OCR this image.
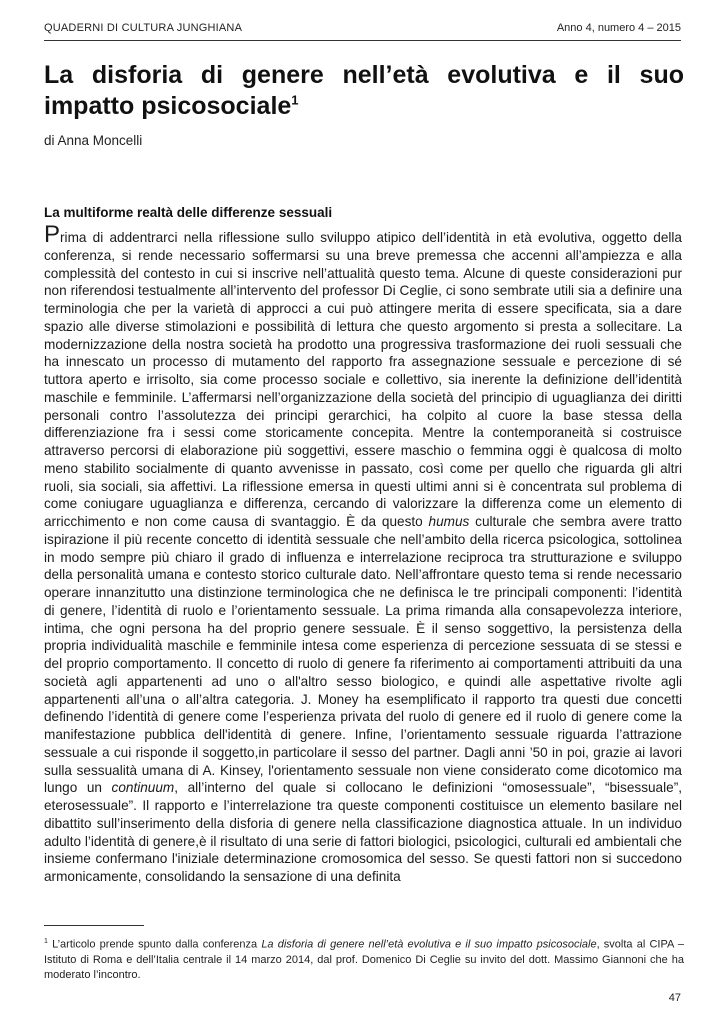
QUADERNI DI CULTURA JUNGHIANA	Anno 4, numero 4 – 2015
La disforia di genere nell’età evolutiva e il suo impatto psicosociale$^1$
di Anna Moncelli
La multiforme realtà delle differenze sessuali

Prima di addentrarci nella riflessione sullo sviluppo atipico dell’identità in età evolutiva, oggetto della conferenza, si rende necessario soffermarsi su una breve premessa che accenni all’ampiezza e alla complessità del contesto in cui si inscrive nell’attualità questo tema. Alcune di queste considerazioni pur non riferendosi testualmente all’intervento del professor Di Ceglie, ci sono sembrate utili sia a definire una terminologia che per la varietà di approcci a cui può attingere merita di essere specificata, sia a dare spazio alle diverse stimolazioni e possibilità di lettura che questo argomento si presta a sollecitare. La modernizzazione della nostra società ha prodotto una progressiva trasformazione dei ruoli sessuali che ha innescato un processo di mutamento del rapporto fra assegnazione sessuale e percezione di sé tuttora aperto e irrisolto, sia come processo sociale e collettivo, sia inerente la definizione dell’identità maschile e femminile. L’affermarsi nell’organizzazione della società del principio di uguaglianza dei diritti personali contro l’assolutezza dei principi gerarchici, ha colpito al cuore la base stessa della differenziazione fra i sessi come storicamente concepita. Mentre la contemporaneità si costruisce attraverso percorsi di elaborazione più soggettivi, essere maschio o femmina oggi è qualcosa di molto meno stabilito socialmente di quanto avvenisse in passato, così come per quello che riguarda gli altri ruoli, sia sociali, sia affettivi. La riflessione emersa in questi ultimi anni si è concentrata sul problema di come coniugare uguaglianza e differenza, cercando di valorizzare la differenza come un elemento di arricchimento e non come causa di svantaggio. È da questo humus culturale che sembra avere tratto ispirazione il più recente concetto di identità sessuale che nell’ambito della ricerca psicologica, sottolinea in modo sempre più chiaro il grado di influenza e interrelazione reciproca tra strutturazione e sviluppo della personalità umana e contesto storico culturale dato. Nell’affrontare questo tema si rende necessario operare innanzitutto una distinzione terminologica che ne definisca le tre principali componenti: l’identità di genere, l’identità di ruolo e l’orientamento sessuale. La prima rimanda alla consapevolezza interiore, intima, che ogni persona ha del proprio genere sessuale. È il senso soggettivo, la persistenza della propria individualità maschile e femminile intesa come esperienza di percezione sessuata di se stessi e del proprio comportamento. Il concetto di ruolo di genere fa riferimento ai comportamenti attribuiti da una società agli appartenenti ad uno o all'altro sesso biologico, e quindi alle aspettative rivolte agli appartenenti all’una o all’altra categoria. J. Money ha esemplificato il rapporto tra questi due concetti definendo l’identità di genere come l’esperienza privata del ruolo di genere ed il ruolo di genere come la manifestazione pubblica dell'identità di genere. Infine, l’orientamento sessuale riguarda l’attrazione sessuale a cui risponde il soggetto,in particolare il sesso del partner. Dagli anni ’50 in poi, grazie ai lavori sulla sessualità umana di A. Kinsey, l'orientamento sessuale non viene considerato come dicotomico ma lungo un continuum, all’interno del quale si collocano le definizioni “omosessuale”, “bisessuale”, eterosessuale”. Il rapporto e l’interrelazione tra queste componenti costituisce un elemento basilare nel dibattito sull’inserimento della disforia di genere nella classificazione diagnostica attuale. In un individuo adulto l’identità di genere,è il risultato di una serie di fattori biologici, psicologici, culturali ed ambientali che insieme confermano l'iniziale determinazione cromosomica del sesso. Se questi fattori non si succedono armonicamente, consolidando la sensazione di una definita

$^1$ L’articolo prende spunto dalla conferenza La disforia di genere nell’età evolutiva e il suo impatto psicosociale, svolta al CIPA –Istituto di Roma e dell’Italia centrale il 14 marzo 2014, dal prof. Domenico Di Ceglie su invito del dott. Massimo Giannoni che ha moderato l’incontro.

47
